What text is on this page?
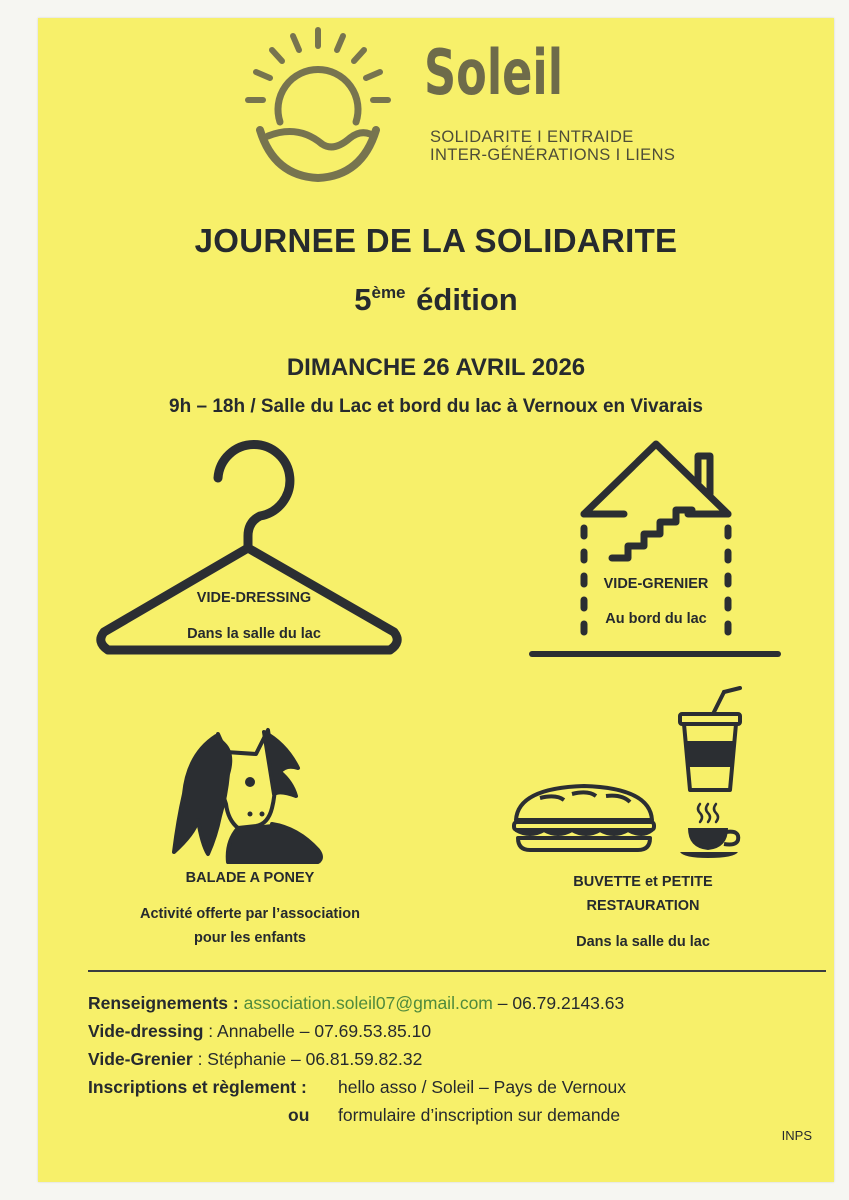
Soleil
SOLIDARITE I ENTRAIDE
INTER-GÉNÉRATIONS I LIENS
JOURNEE DE LA SOLIDARITE
5ème édition
DIMANCHE 26 AVRIL 2026
9h – 18h / Salle du Lac et bord du lac à Vernoux en Vivarais
VIDE-DRESSING
Dans la salle du lac
VIDE-GRENIER
Au bord du lac
BALADE A PONEY
Activité offerte par l’association
pour les enfants
BUVETTE et PETITE
RESTAURATION
Dans la salle du lac
Renseignements : association.soleil07@gmail.com – 06.79.2143.63
Vide-dressing : Annabelle – 07.69.53.85.10
Vide-Grenier : Stéphanie – 06.81.59.82.32
Inscriptions et règlement : hello asso / Soleil – Pays de Vernoux
ou formulaire d’inscription sur demande
INPS
